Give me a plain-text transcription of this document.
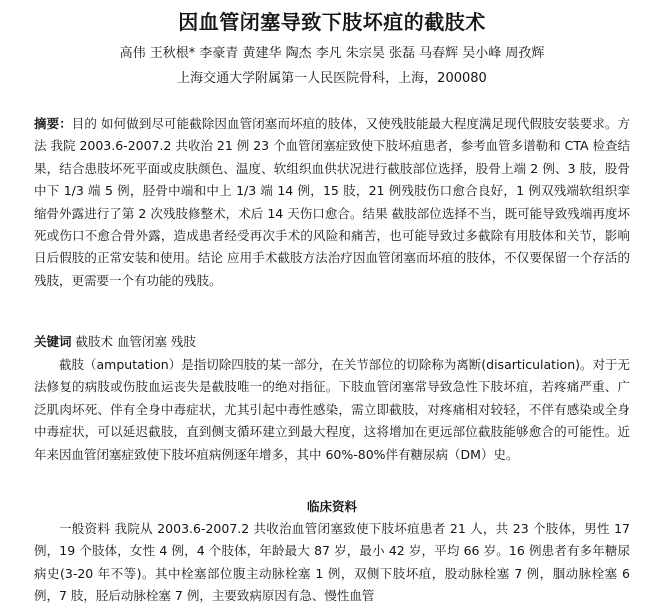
因血管闭塞导致下肢坏疽的截肢术
高伟 王秋根* 李豪青 黄建华 陶杰 李凡 朱宗昊 张磊 马春辉 吴小峰 周孜辉
上海交通大学附属第一人民医院骨科，上海，200080
摘要：目的 如何做到尽可能截除因血管闭塞而坏疽的肢体，又使残肢能最大程度满足现代假肢安装要求。方法 我院 2003.6-2007.2 共收治 21 例 23 个血管闭塞症致使下肢坏疽患者，参考血管多谱勒和 CTA 检查结果，结合患肢坏死平面或皮肤颜色、温度、软组织血供状况进行截肢部位选择，股骨上端 2 例、3 肢，股骨中下 1/3 端 5 例，胫骨中端和中上 1/3 端 14 例，15 肢，21 例残肢伤口愈合良好，1 例双残端软组织挛缩骨外露进行了第 2 次残肢修整术，术后 14 天伤口愈合。结果 截肢部位选择不当，既可能导致残端再度坏死或伤口不愈合骨外露，造成患者经受再次手术的风险和痛苦，也可能导致过多截除有用肢体和关节，影响日后假肢的正常安装和使用。结论 应用手术截肢方法治疗因血管闭塞而坏疽的肢体，不仅要保留一个存活的残肢，更需要一个有功能的残肢。
关键词 截肢术 血管闭塞 残肢
截肢（amputation）是指切除四肢的某一部分，在关节部位的切除称为离断(disarticulation)。对于无法修复的病肢或伤肢血运丧失是截肢唯一的绝对指征。下肢血管闭塞常导致急性下肢坏疽，若疼痛严重、广泛肌肉坏死、伴有全身中毒症状，尤其引起中毒性感染，需立即截肢，对疼痛相对较轻，不伴有感染或全身中毒症状，可以延迟截肢，直到侧支循环建立到最大程度，这将增加在更远部位截肢能够愈合的可能性。近年来因血管闭塞症致使下肢坏疽病例逐年增多，其中 60%-80%伴有糖尿病（DM）史。
临床资料
一般资料 我院从 2003.6-2007.2 共收治血管闭塞致使下肢坏疽患者 21 人，共 23 个肢体，男性 17 例，19 个肢体，女性 4 例，4 个肢体，年龄最大 87 岁，最小 42 岁，平均 66 岁。16 例患者有多年糖尿病史(3-20 年不等)。其中栓塞部位腹主动脉栓塞 1 例，双侧下肢坏疽，股动脉栓塞 7 例，腘动脉栓塞 6 例，7 肢，胫后动脉栓塞 7 例，主要致病原因有急、慢性血管
